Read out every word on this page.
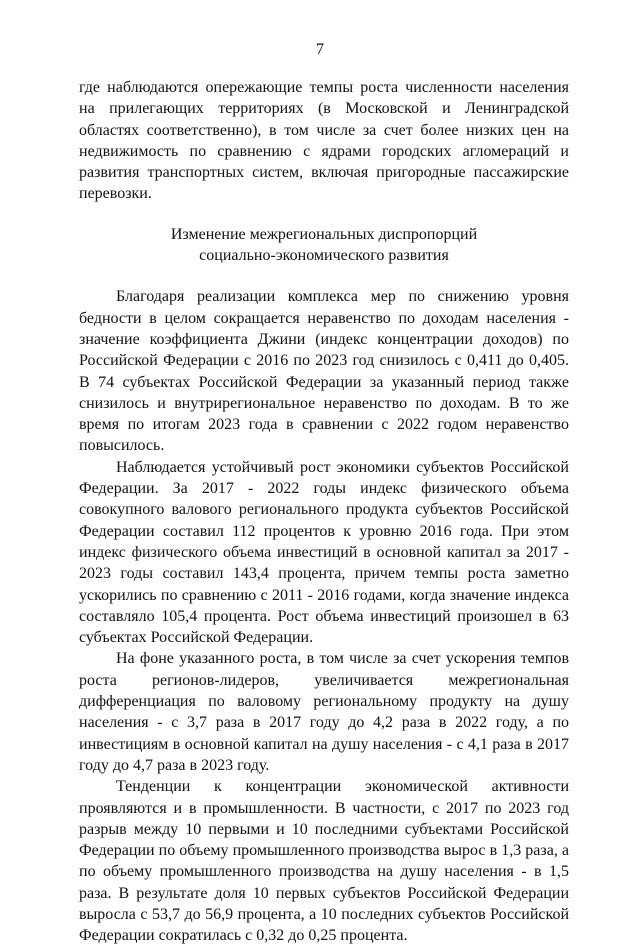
7

где наблюдаются опережающие темпы роста численности населения на прилегающих территориях (в Московской и Ленинградской областях соответственно), в том числе за счет более низких цен на недвижимость по сравнению с ядрами городских агломераций и развития транспортных систем, включая пригородные пассажирские перевозки.

Изменение межрегиональных диспропорций
социально-экономического развития

Благодаря реализации комплекса мер по снижению уровня бедности в целом сокращается неравенство по доходам населения - значение коэффициента Джини (индекс концентрации доходов) по Российской Федерации с 2016 по 2023 год снизилось с 0,411 до 0,405. В 74 субъектах Российской Федерации за указанный период также снизилось и внутрирегиональное неравенство по доходам. В то же время по итогам 2023 года в сравнении с 2022 годом неравенство повысилось.

Наблюдается устойчивый рост экономики субъектов Российской Федерации. За 2017 - 2022 годы индекс физического объема совокупного валового регионального продукта субъектов Российской Федерации составил 112 процентов к уровню 2016 года. При этом индекс физического объема инвестиций в основной капитал за 2017 - 2023 годы составил 143,4 процента, причем темпы роста заметно ускорились по сравнению с 2011 - 2016 годами, когда значение индекса составляло 105,4 процента. Рост объема инвестиций произошел в 63 субъектах Российской Федерации.

На фоне указанного роста, в том числе за счет ускорения темпов роста регионов-лидеров, увеличивается межрегиональная дифференциация по валовому региональному продукту на душу населения - с 3,7 раза в 2017 году до 4,2 раза в 2022 году, а по инвестициям в основной капитал на душу населения - с 4,1 раза в 2017 году до 4,7 раза в 2023 году.

Тенденции к концентрации экономической активности проявляются и в промышленности. В частности, с 2017 по 2023 год разрыв между 10 первыми и 10 последними субъектами Российской Федерации по объему промышленного производства вырос в 1,3 раза, а по объему промышленного производства на душу населения - в 1,5 раза. В результате доля 10 первых субъектов Российской Федерации выросла с 53,7 до 56,9 процента, а 10 последних субъектов Российской Федерации сократилась с 0,32 до 0,25 процента.
